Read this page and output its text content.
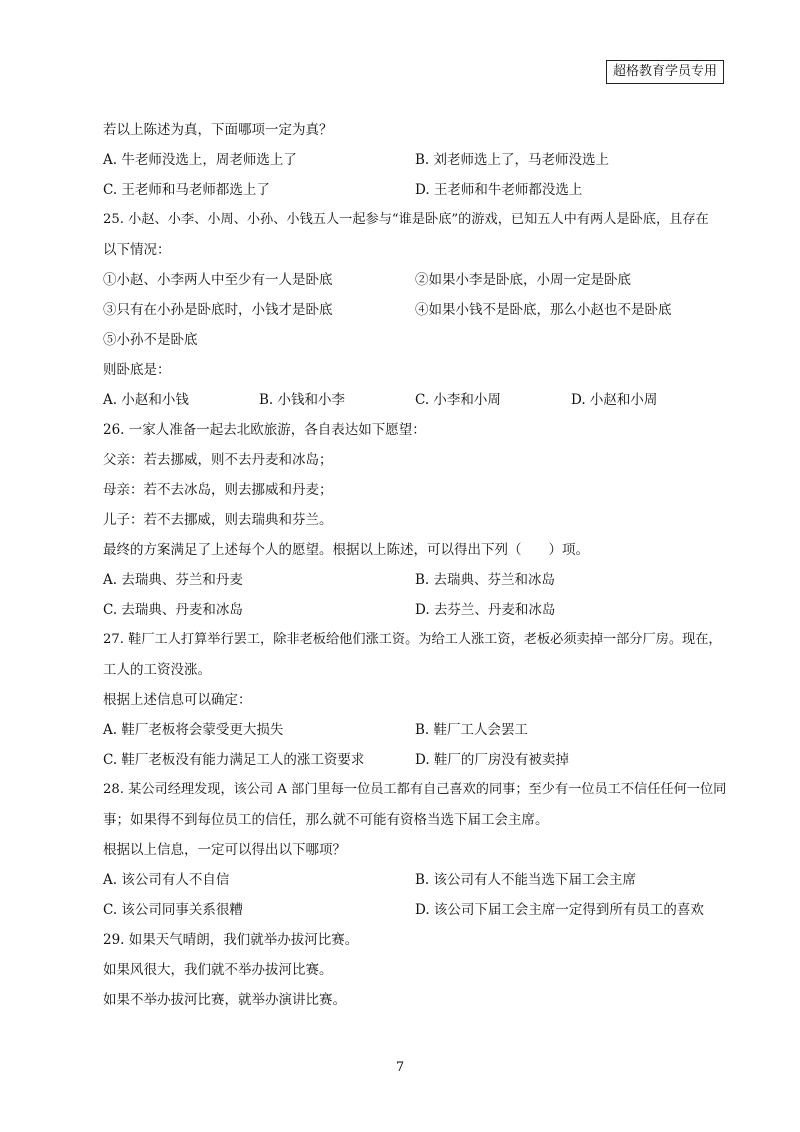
超格教育学员专用

若以上陈述为真，下面哪项一定为真？

A. 牛老师没选上，周老师选上了	B. 刘老师选上了，马老师没选上
C. 王老师和马老师都选上了	D. 王老师和牛老师都没选上

25. 小赵、小李、小周、小孙、小钱五人一起参与“谁是卧底”的游戏，已知五人中有两人是卧底，且存在

以下情况：

①小赵、小李两人中至少有一人是卧底	②如果小李是卧底，小周一定是卧底
③只有在小孙是卧底时，小钱才是卧底	④如果小钱不是卧底，那么小赵也不是卧底

⑤小孙不是卧底

则卧底是：

A. 小赵和小钱	B. 小钱和小李	C. 小李和小周	D. 小赵和小周

26. 一家人准备一起去北欧旅游，各自表达如下愿望：

父亲：若去挪威，则不去丹麦和冰岛；

母亲：若不去冰岛，则去挪威和丹麦；

儿子：若不去挪威，则去瑞典和芬兰。

最终的方案满足了上述每个人的愿望。根据以上陈述，可以得出下列（　　）项。

A. 去瑞典、芬兰和丹麦	B. 去瑞典、芬兰和冰岛
C. 去瑞典、丹麦和冰岛	D. 去芬兰、丹麦和冰岛

27. 鞋厂工人打算举行罢工，除非老板给他们涨工资。为给工人涨工资，老板必须卖掉一部分厂房。现在，

工人的工资没涨。

根据上述信息可以确定：

A. 鞋厂老板将会蒙受更大损失	B. 鞋厂工人会罢工
C. 鞋厂老板没有能力满足工人的涨工资要求	D. 鞋厂的厂房没有被卖掉

28. 某公司经理发现，该公司 A 部门里每一位员工都有自己喜欢的同事；至少有一位员工不信任任何一位同

事；如果得不到每位员工的信任，那么就不可能有资格当选下届工会主席。

根据以上信息，一定可以得出以下哪项？

A. 该公司有人不自信	B. 该公司有人不能当选下届工会主席
C. 该公司同事关系很糟	D. 该公司下届工会主席一定得到所有员工的喜欢

29. 如果天气晴朗，我们就举办拔河比赛。

如果风很大，我们就不举办拔河比赛。

如果不举办拔河比赛，就举办演讲比赛。

7
